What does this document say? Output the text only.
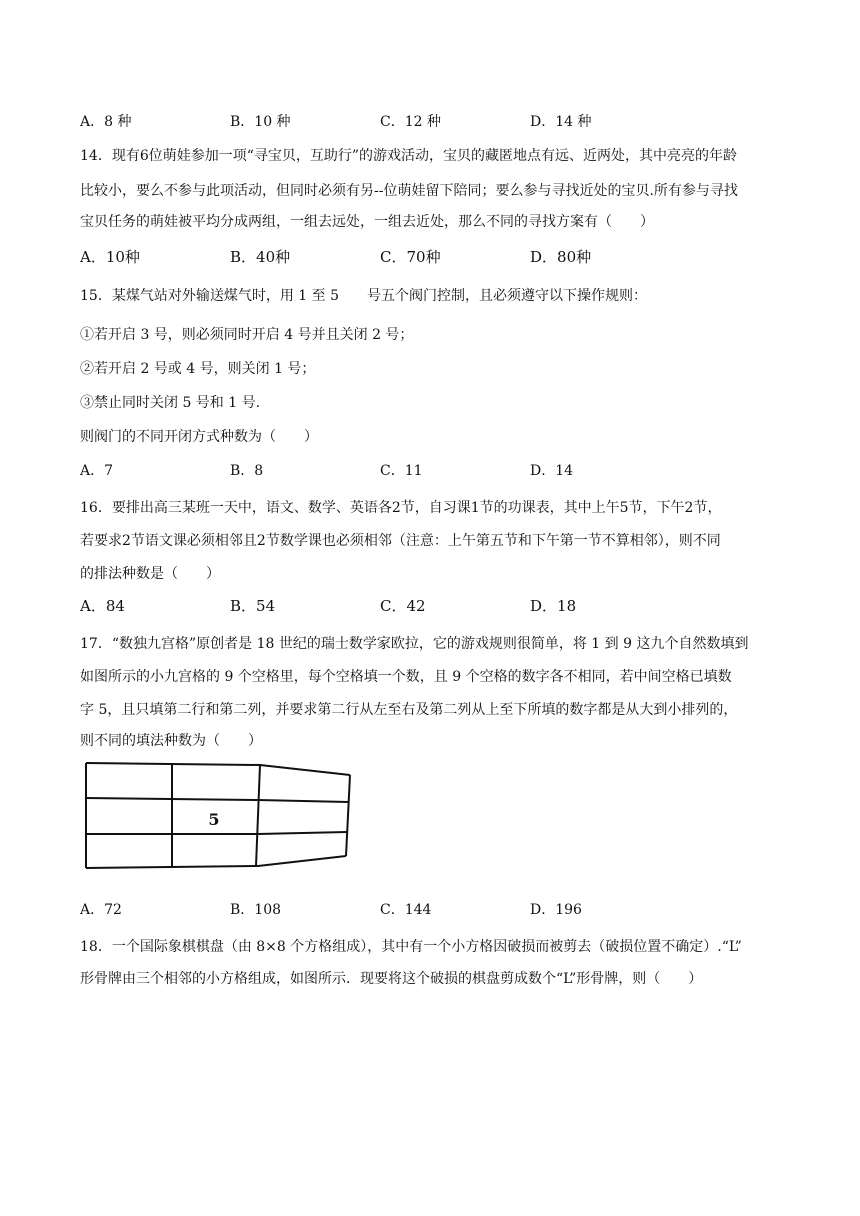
A．8 种	B．10 种	C．12 种	D．14 种
14．现有6位萌娃参加一项“寻宝贝，互助行”的游戏活动，宝贝的藏匿地点有远、近两处，其中亮亮的年龄
比较小，要么不参与此项活动，但同时必须有另--位萌娃留下陪同；要么参与寻找近处的宝贝.所有参与寻找
宝贝任务的萌娃被平均分成两组，一组去远处，一组去近处，那么不同的寻找方案有（　　）
A．10种	B．40种	C．70种	D．80种
15．某煤气站对外输送煤气时，用 1 至 5　　号五个阀门控制，且必须遵守以下操作规则：
①若开启 3 号，则必须同时开启 4 号并且关闭 2 号；
②若开启 2 号或 4 号，则关闭 1 号；
③禁止同时关闭 5 号和 1 号.
则阀门的不同开闭方式种数为（　　）
A．7	B．8	C．11	D．14
16．要排出高三某班一天中，语文、数学、英语各2节，自习课1节的功课表，其中上午5节，下午2节，
若要求2节语文课必须相邻且2节数学课也必须相邻（注意：上午第五节和下午第一节不算相邻），则不同
的排法种数是（　　）
A．84	B．54	C．42	D．18
17．“数独九宫格”原创者是 18 世纪的瑞士数学家欧拉，它的游戏规则很简单，将 1 到 9 这九个自然数填到
如图所示的小九宫格的 9 个空格里，每个空格填一个数，且 9 个空格的数字各不相同，若中间空格已填数
字 5，且只填第二行和第二列，并要求第二行从左至右及第二列从上至下所填的数字都是从大到小排列的，
则不同的填法种数为（　　）
5
A．72	B．108	C．144	D．196
18．一个国际象棋棋盘（由 8×8 个方格组成），其中有一个小方格因破损而被剪去（破损位置不确定）.“L”
形骨牌由三个相邻的小方格组成，如图所示．现要将这个破损的棋盘剪成数个“L”形骨牌，则（　　）
